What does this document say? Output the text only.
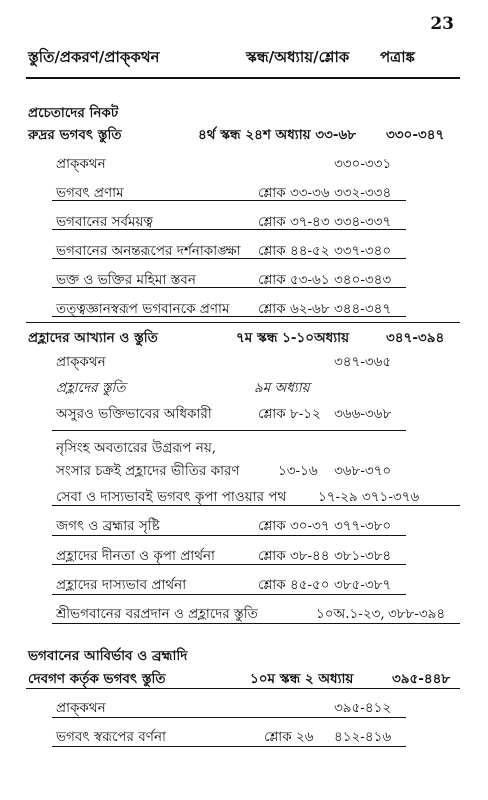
23
স্তুতি/প্রকরণ/প্রাক্‌কথন	স্কন্ধ/অধ্যায়/শ্লোক পত্রাঙ্ক
প্রচেতাদের নিকট
রুদ্রর ভগবৎ স্তুতি	৪র্থ স্কন্ধ ২৪শ অধ্যায় ৩৩-৬৮ ৩৩০-৩৪৭
প্রাক্‌কথন	৩৩০-৩৩১
ভগবৎ প্রণাম	শ্লোক ৩৩-৩৬ ৩৩২-৩৩৪
ভগবানের সর্বময়ত্ব	শ্লোক ৩৭-৪৩ ৩৩৪-৩৩৭
ভগবানের অনন্তরূপের দর্শনাকাঙ্ক্ষা শ্লোক ৪৪-৫২ ৩৩৭-৩৪০
ভক্ত ও ভক্তির মহিমা স্তবন	শ্লোক ৫৩-৬১ ৩৪০-৩৪৩
তত্ত্বজ্ঞানস্বরূপ ভগবানকে প্রণাম শ্লোক ৬২-৬৮ ৩৪৪-৩৪৭
প্রহ্লাদের আখ্যান ও স্তুতি	৭ম স্কন্ধ ১-১০অধ্যায়	৩৪৭-৩৯৪
প্রাক্‌কথন	৩৪৭-৩৬৫
প্রহ্লাদের স্তুতি	৯ম অধ্যায়
অসুরও ভক্তিভাবের অধিকারী	শ্লোক ৮-১২ ৩৬৬-৩৬৮
নৃসিংহ অবতারের উগ্ররূপ নয়,
সংসার চক্রই প্রহ্লাদের ভীতির কারণ	১৩-১৬ ৩৬৮-৩৭০
সেবা ও দাস্যভাবই ভগবৎ কৃপা পাওয়ার পথ ১৭-২৯ ৩৭১-৩৭৬
জগৎ ও ব্রহ্মার সৃষ্টি	শ্লোক ৩০-৩৭ ৩৭৭-৩৮০
প্রহ্লাদের দীনতা ও কৃপা প্রার্থনা	শ্লোক ৩৮-৪৪ ৩৮১-৩৮৪
প্রহ্লাদের দাস্যভাব প্রার্থনা	শ্লোক ৪৫-৫০ ৩৮৫-৩৮৭
শ্রীভগবানের বরপ্রদান ও প্রহ্লাদের স্তুতি	১০অ.১-২৩, ৩৮৮-৩৯৪
ভগবানের আবির্ভাব ও ব্রহ্মাদি
দেবগণ কর্তৃক ভগবৎ স্তুতি	১০ম স্কন্ধ ২ অধ্যায়	৩৯৫-৪৪৮
প্রাক্‌কথন	৩৯৫-৪১২
ভগবৎ স্বরূপের বর্ণনা	শ্লোক ২৬ ৪১২-৪১৬
